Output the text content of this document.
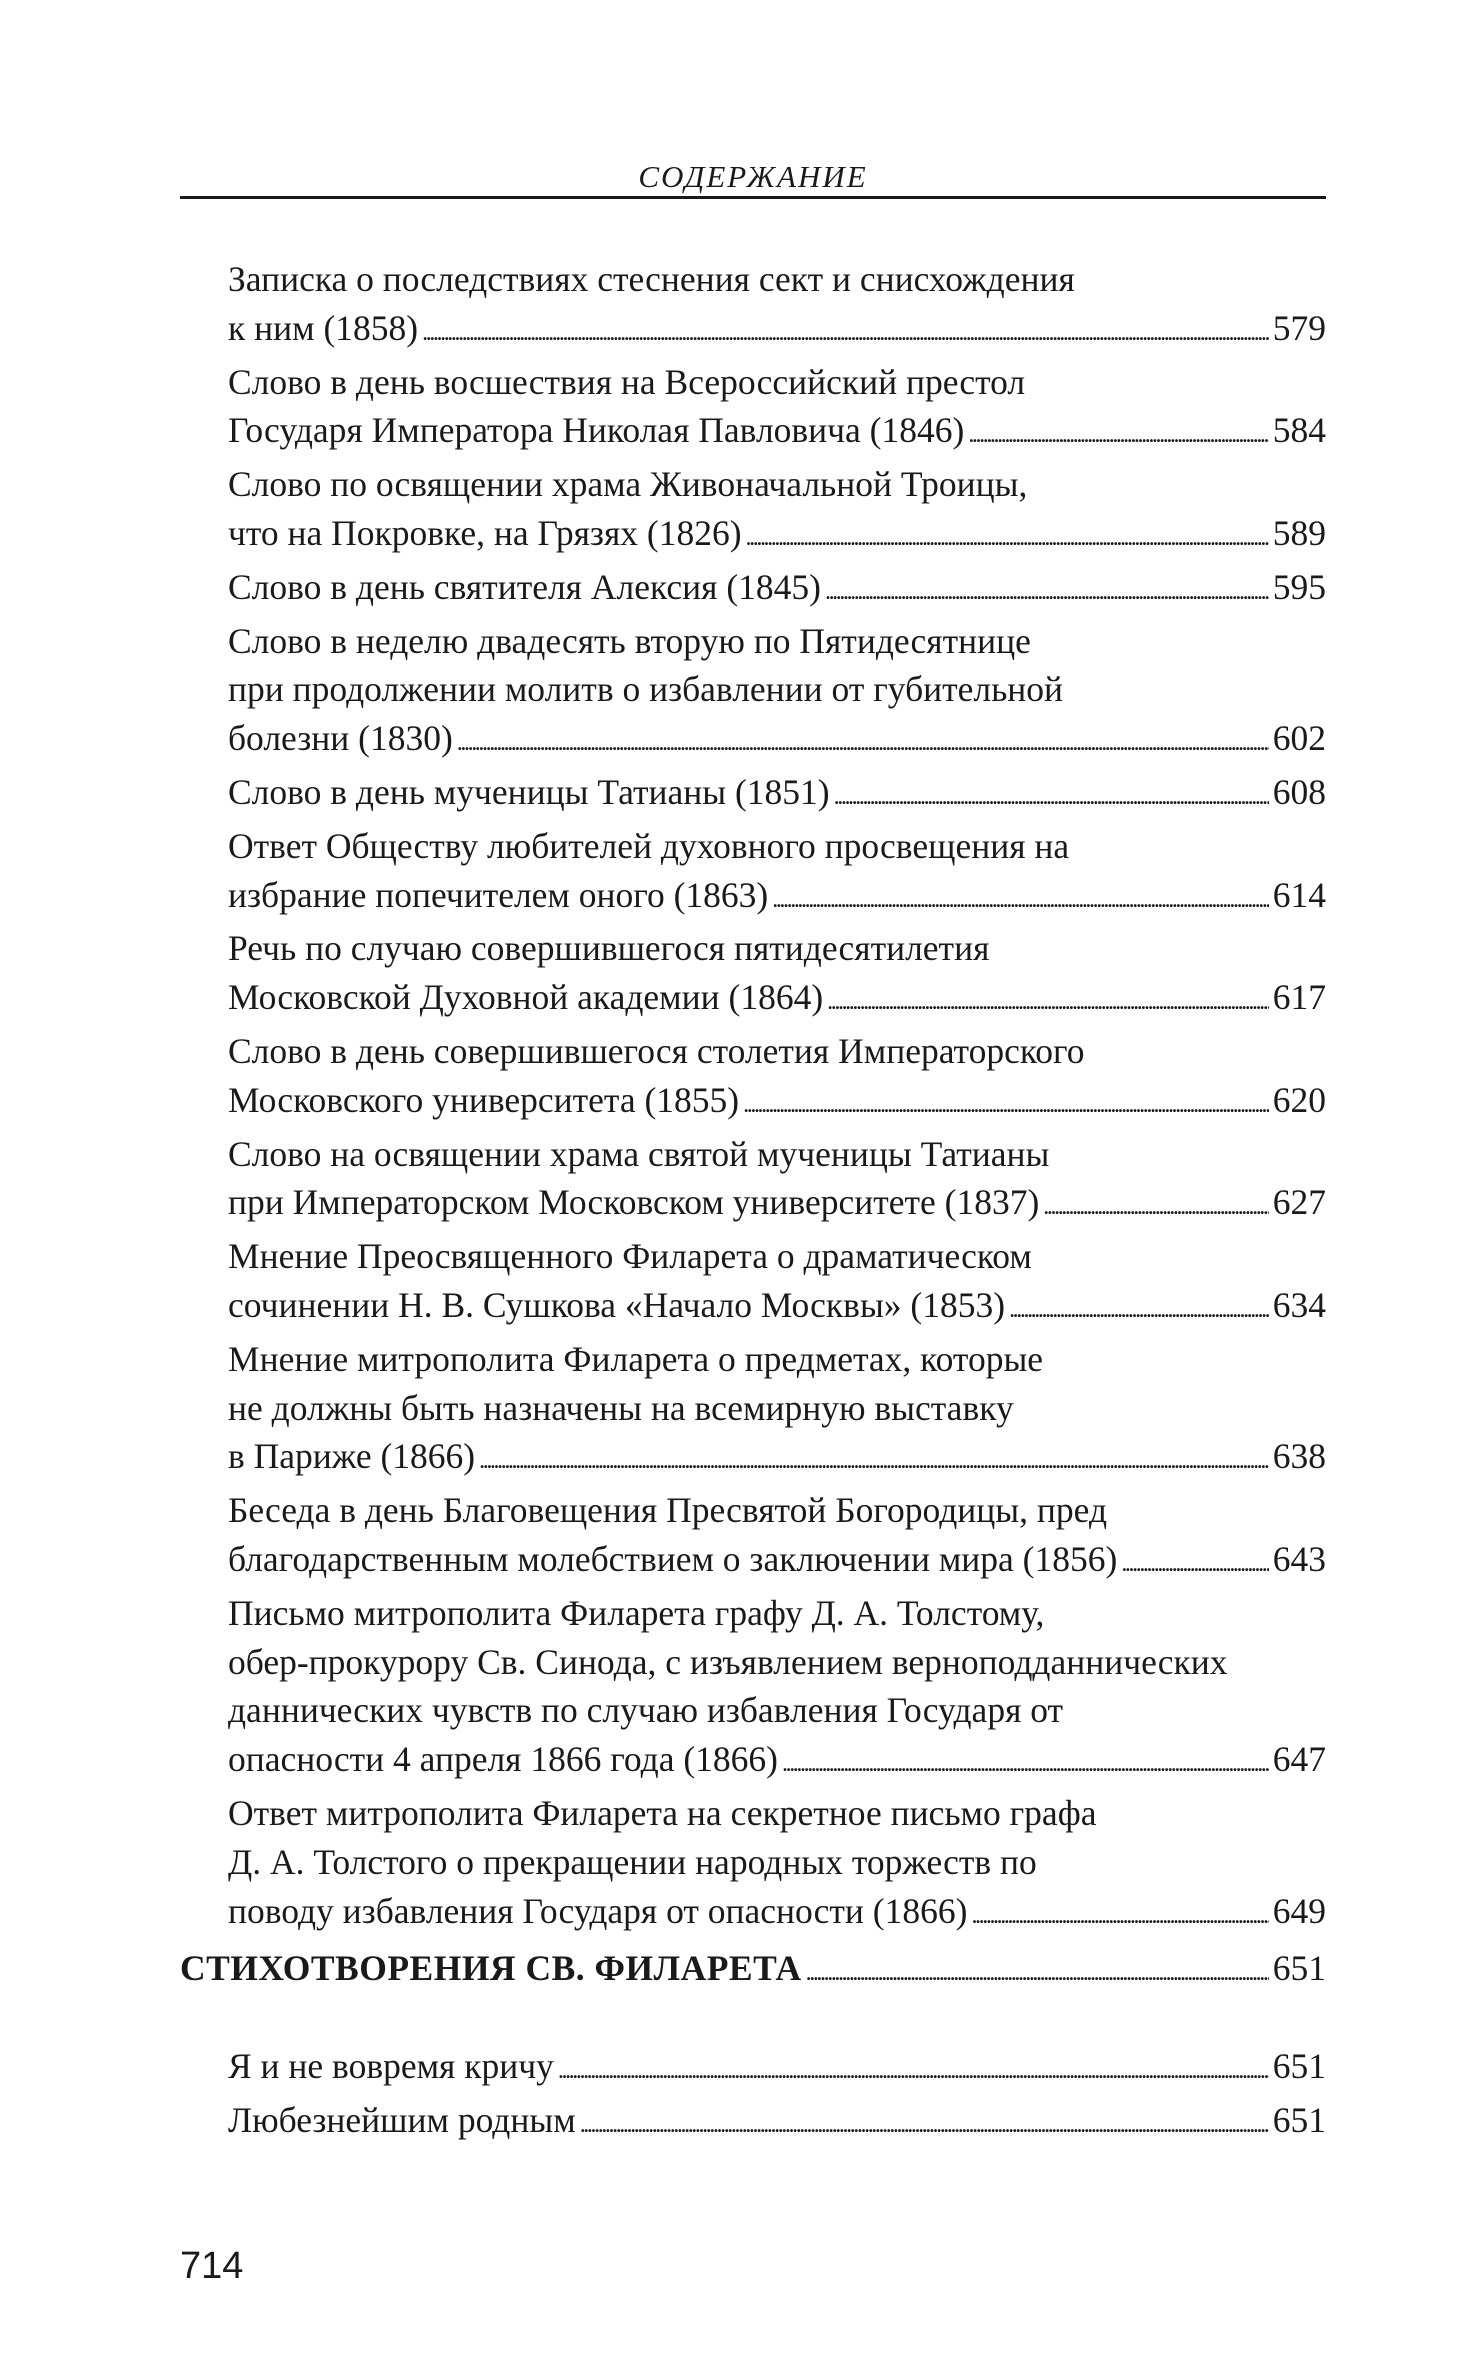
СОДЕРЖАНИЕ
Записка о последствиях стеснения сект и снисхождения
к ним (1858) . . .	579
Слово в день восшествия на Всероссийский престол
Государя Императора Николая Павловича (1846) . . .	584
Слово по освящении храма Живоначальной Троицы,
что на Покровке, на Грязях (1826) . . .	589
Слово в день святителя Алексия (1845) . . .	595
Слово в неделю двадесять вторую по Пятидесятнице
при продолжении молитв о избавлении от губительной
болезни (1830) . . .	602
Слово в день мученицы Татианы (1851) . . .	608
Ответ Обществу любителей духовного просвещения на
избрание попечителем оного (1863) . . .	614
Речь по случаю совершившегося пятидесятилетия
Московской Духовной академии (1864) . . .	617
Слово в день совершившегося столетия Императорского
Московского университета (1855) . . .	620
Слово на освящении храма святой мученицы Татианы
при Императорском Московском университете (1837) . . .	627
Мнение Преосвященного Филарета о драматическом
сочинении Н. В. Сушкова «Начало Москвы» (1853) . . .	634
Мнение митрополита Филарета о предметах, которые
не должны быть назначены на всемирную выставку
в Париже (1866) . . .	638
Беседа в день Благовещения Пресвятой Богородицы, пред
благодарственным молебствием о заключении мира (1856) . . .	643
Письмо митрополита Филарета графу Д. А. Толстому,
обер-прокурору Св. Синода, с изъявлением верноподданнических
даннических чувств по случаю избавления Государя от
опасности 4 апреля 1866 года (1866) . . .	647
Ответ митрополита Филарета на секретное письмо графа
Д. А. Толстого о прекращении народных торжеств по
поводу избавления Государя от опасности (1866) . . .	649
СТИХОТВОРЕНИЯ СВ. ФИЛАРЕТА . . .	651
Я и не вовремя кричу . . .	651
Любезнейшим родным . . .	651
714
